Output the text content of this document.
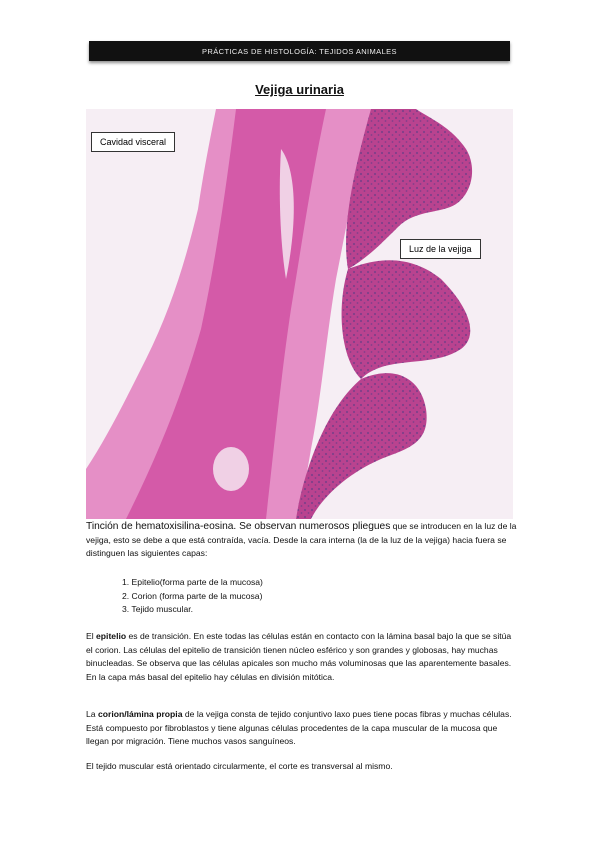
PRÁCTICAS DE HISTOLOGÍA: TEJIDOS ANIMALES
Vejiga urinaria
Cavidad visceral
Luz de la vejiga

Tinción de hematoxisilina-eosina. Se observan numerosos pliegues que se introducen en la luz de la vejiga, esto se debe a que está contraída, vacía. Desde la cara interna (la de la luz de la vejiga) hacia fuera se distinguen las siguientes capas:

1. Epitelio(forma parte de la mucosa)
2. Corion (forma parte de la mucosa)
3. Tejido muscular.

El epitelio es de transición. En este todas las células están en contacto con la lámina basal bajo la que se sitúa el corion. Las células del epitelio de transición tienen núcleo esférico y son grandes y globosas, hay muchas binucleadas. Se observa que las células apicales son mucho más voluminosas que las aparentemente basales. En la capa más basal del epitelio hay células en división mitótica.

La corion/lámina propia de la vejiga consta de tejido conjuntivo laxo pues tiene pocas fibras y muchas células. Está compuesto por fibroblastos y tiene algunas células procedentes de la capa muscular de la mucosa que llegan por migración. Tiene muchos vasos sanguíneos.

El tejido muscular está orientado circularmente, el corte es transversal al mismo.
